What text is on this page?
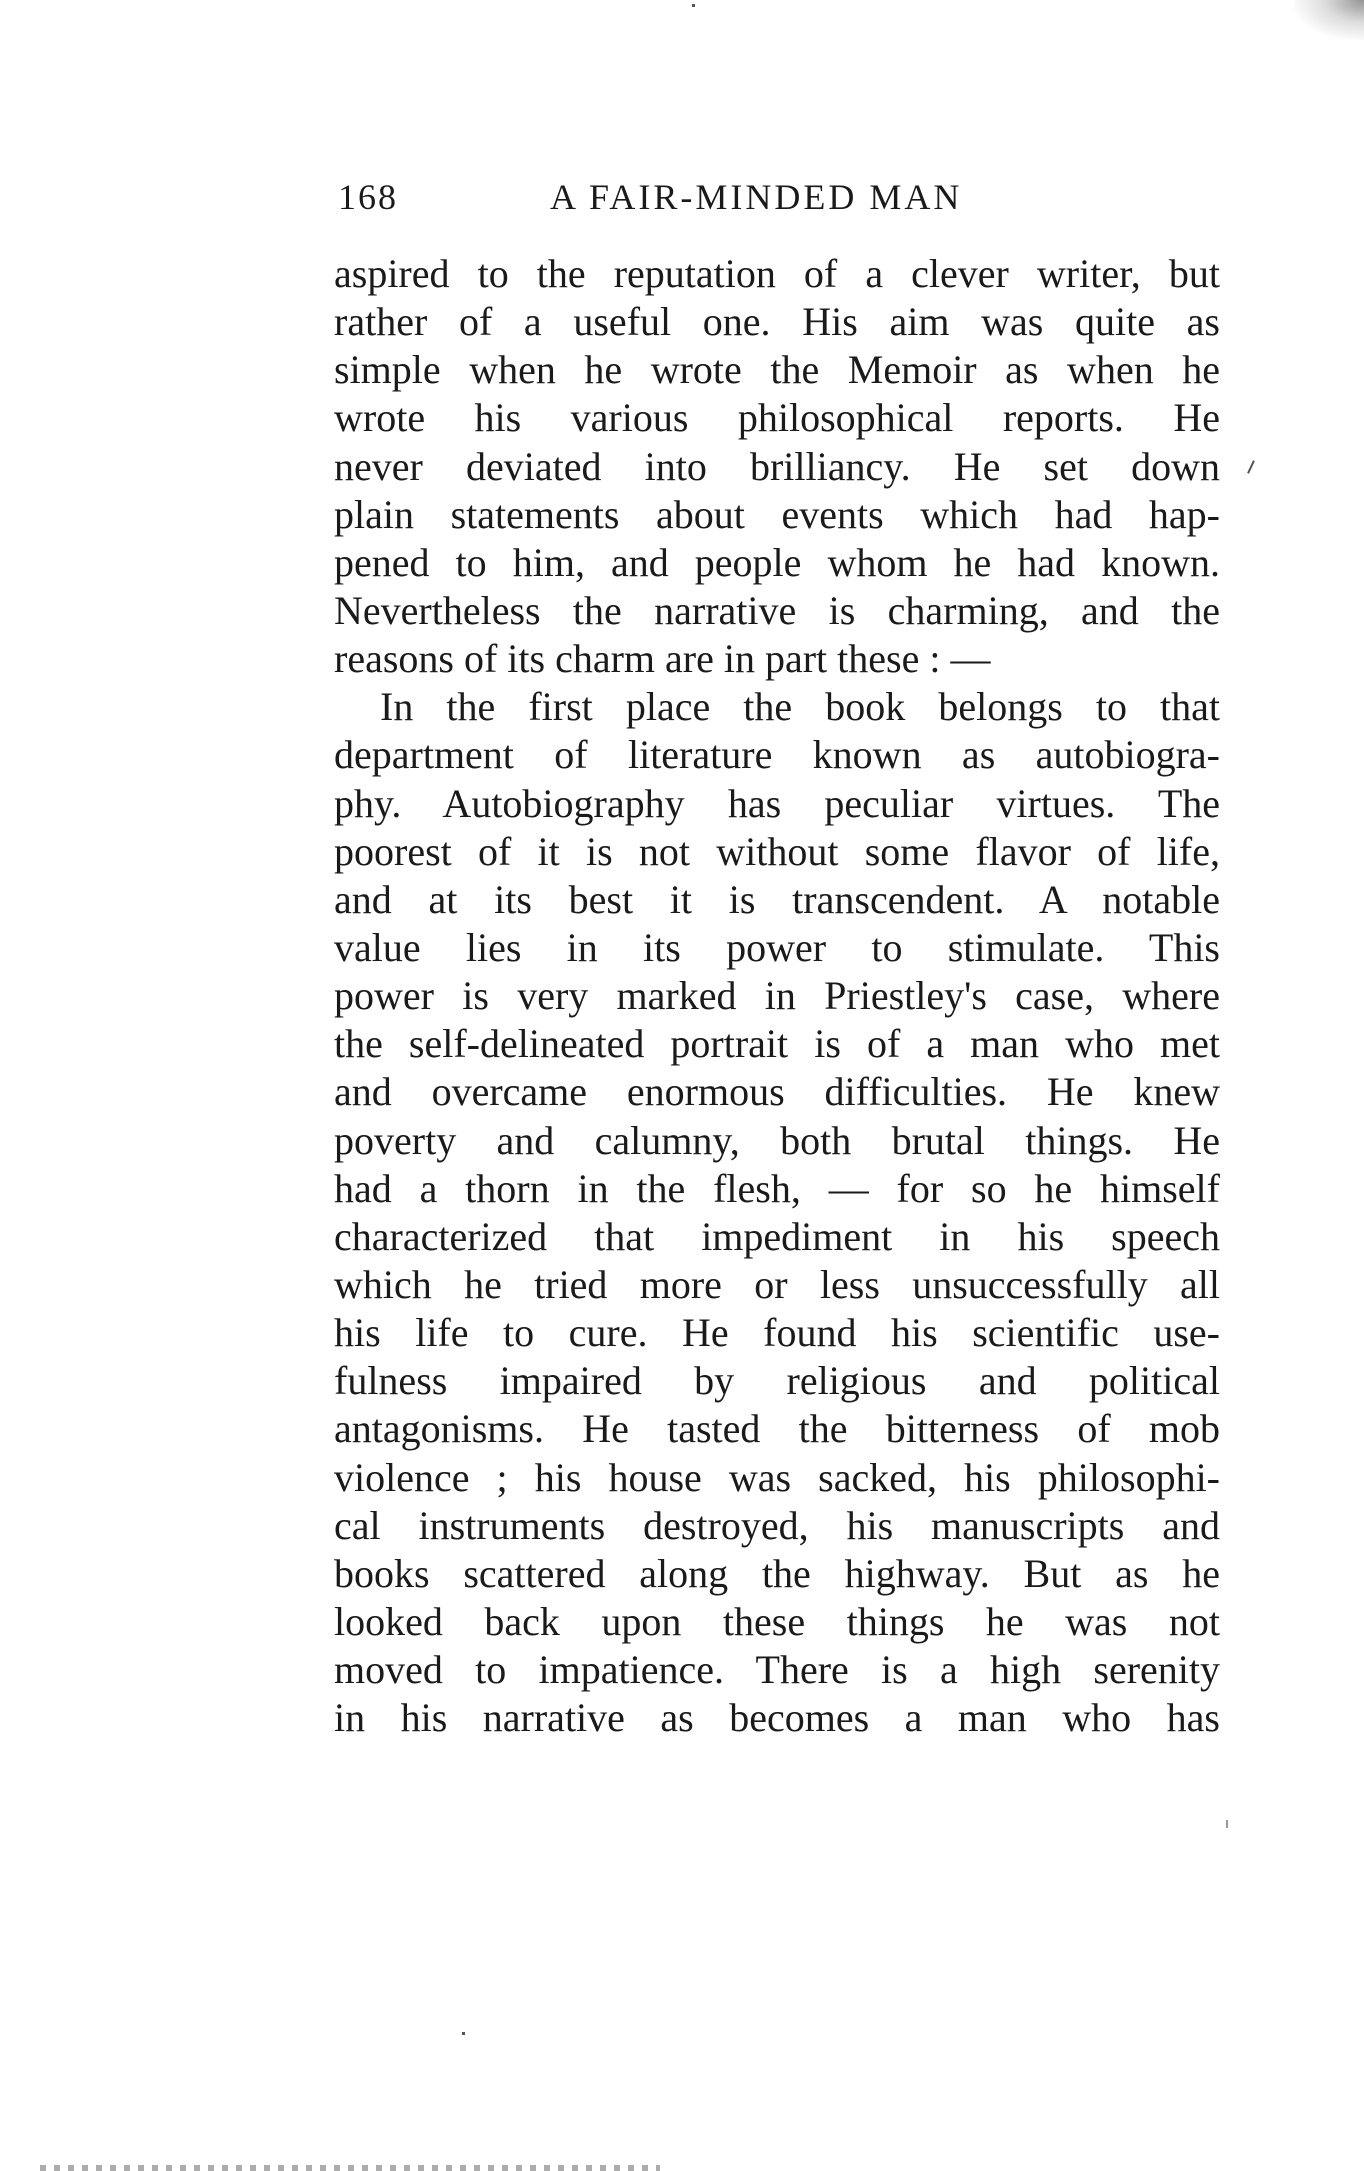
168	A FAIR-MINDED MAN
aspired to the reputation of a clever writer, but
rather of a useful one. His aim was quite as
simple when he wrote the Memoir as when he
wrote his various philosophical reports. He
never deviated into brilliancy. He set down
plain statements about events which had hap-
pened to him, and people whom he had known.
Nevertheless the narrative is charming, and the
reasons of its charm are in part these : —
In the first place the book belongs to that
department of literature known as autobiogra-
phy. Autobiography has peculiar virtues. The
poorest of it is not without some flavor of life,
and at its best it is transcendent. A notable
value lies in its power to stimulate. This
power is very marked in Priestley's case, where
the self-delineated portrait is of a man who met
and overcame enormous difficulties. He knew
poverty and calumny, both brutal things. He
had a thorn in the flesh, — for so he himself
characterized that impediment in his speech
which he tried more or less unsuccessfully all
his life to cure. He found his scientific use-
fulness impaired by religious and political
antagonisms. He tasted the bitterness of mob
violence ; his house was sacked, his philosophi-
cal instruments destroyed, his manuscripts and
books scattered along the highway. But as he
looked back upon these things he was not
moved to impatience. There is a high serenity
in his narrative as becomes a man who has
